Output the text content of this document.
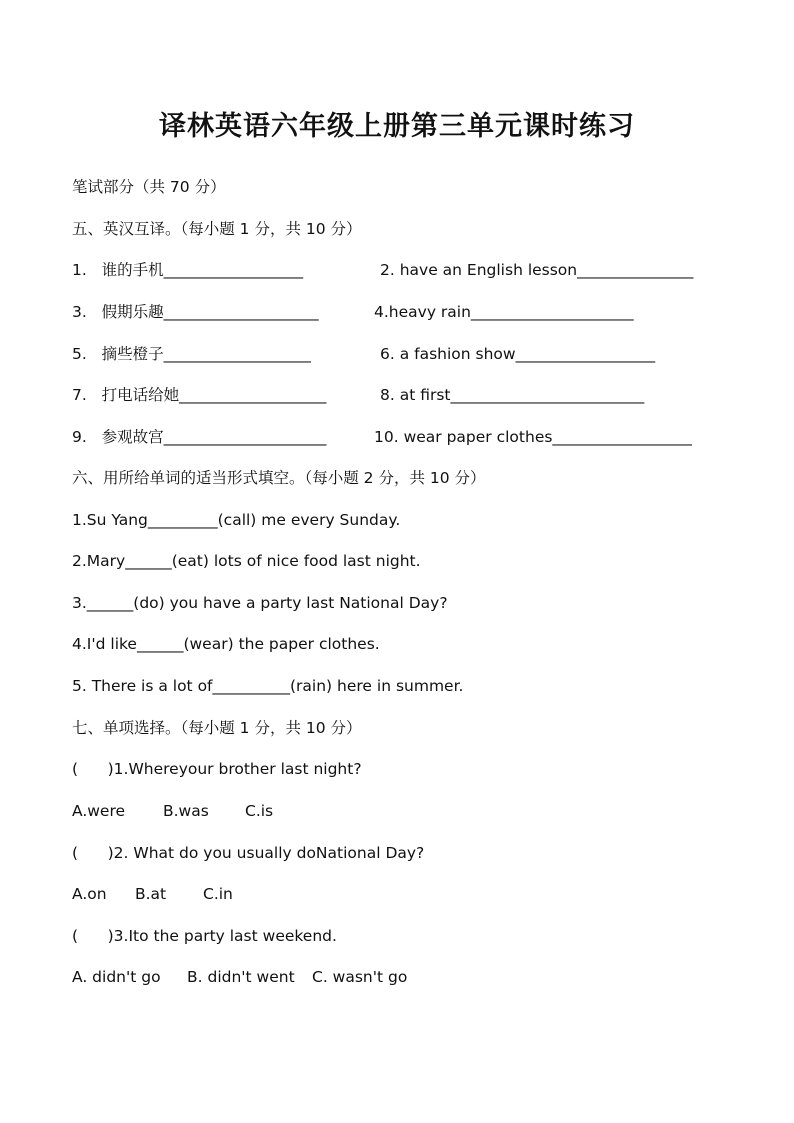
译林英语六年级上册第三单元课时练习
笔试部分（共 70 分）
五、英汉互译。（每小题 1 分，共 10 分）
1.   谁的手机__________________	2. have an English lesson_______________
3.   假期乐趣____________________	4.heavy rain_____________________
5.   摘些橙子___________________	6. a fashion show__________________
7.   打电话给她___________________	8. at first_________________________
9.   参观故宫_____________________	10. wear paper clothes__________________
六、用所给单词的适当形式填空。（每小题 2 分，共 10 分）
1.Su Yang_________(call) me every Sunday.
2.Mary______(eat) lots of nice food last night.
3.______(do) you have a party last National Day?
4.I'd like______(wear) the paper clothes.
5. There is a lot of__________(rain) here in summer.
七、单项选择。（每小题 1 分，共 10 分）
(      )1.Whereyour brother last night?
A.were B.was C.is
(      )2. What do you usually doNational Day?
A.on B.at C.in
(      )3.Ito the party last weekend.
A. didn't go B. didn't went C. wasn't go
